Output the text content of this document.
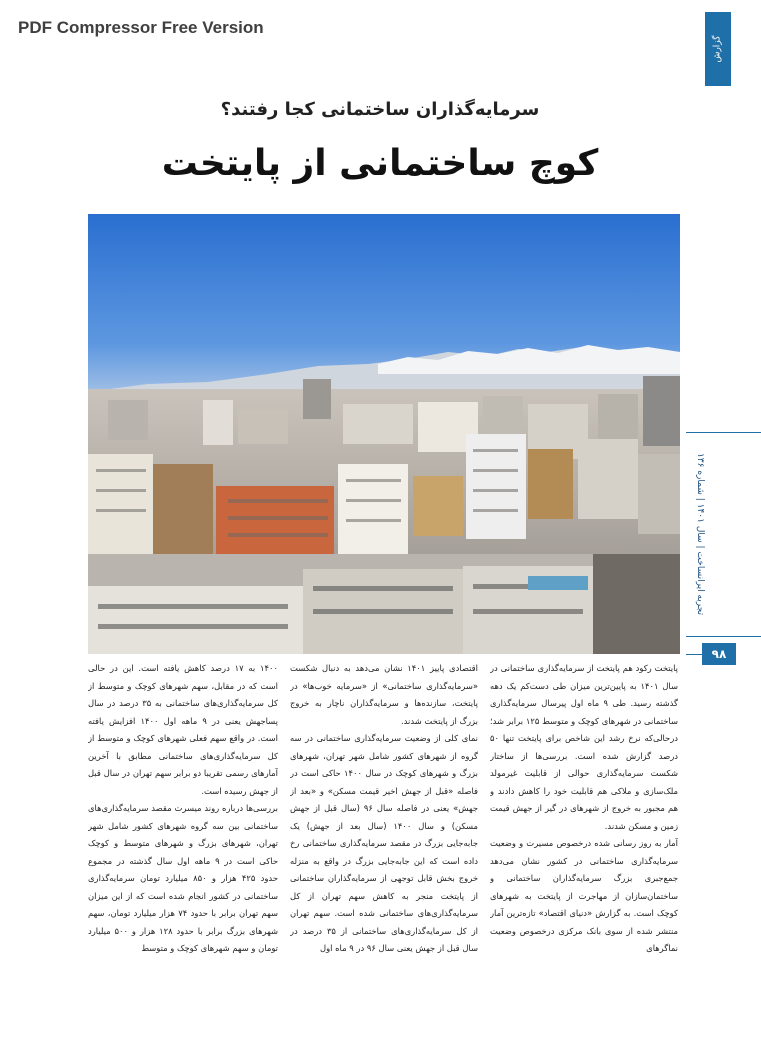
PDF Compressor Free Version
گزارش
سرمایه‌گذاران ساختمانی کجا رفتند؟
کوچ ساختمانی از پایتخت
تجربه ایرانساخت | سال ۱۴۰۱ | شماره ۱۳۶
۹۸

پایتخت رکود هم پایتخت از سرمایه‌گذاری ساختمانی در سال ۱۴۰۱ به پایین‌ترین میزان طی دست‌کم یک دهه گذشته رسید. طی ۹ ماه اول پیرسال سرمایه‌گذاری ساختمانی در شهرهای کوچک و متوسط ۱۲۵ برابر شد؛ درحالی‌که نرخ رشد این شاخص برای پایتخت تنها ۵۰ درصد گزارش شده است. بررسی‌ها از ساختار شکست سرمایه‌گذاری حوالی از قابلیت غیرمولد ملک‌سازی و ملاکی هم قابلیت خود را کاهش دادند و هم مجبور به خروج از شهرهای در گیر از جهش قیمت زمین و مسکن شدند.

آمار به روز رسانی شده درخصوص مسیرت و وضعیت سرمایه‌گذاری ساختمانی در کشور نشان می‌دهد جمع‌جبری بزرگ سرمایه‌گذاران ساختمانی و ساختمان‌سازان از مهاجرت از پایتخت به شهرهای کوچک است. به گزارش «دنیای اقتصاد» تازه‌ترین آمار منتشر شده از سوی بانک مرکزی درخصوص وضعیت نماگرهای

اقتصادی پاییز ۱۴۰۱ نشان می‌دهد به دنبال شکست «سرمایه‌گذاری ساختمانی» از «سرمایه خوب‌ها» در پایتخت، سازنده‌ها و سرمایه‌گذاران ناچار به خروج بزرگ از پایتخت شدند.

نمای کلی از وضعیت سرمایه‌گذاری ساختمانی در سه گروه از شهرهای کشور شامل شهر تهران، شهرهای بزرگ و شهرهای کوچک در سال ۱۴۰۰ حاکی است در فاصله «قبل از جهش اخیر قیمت مسکن» و «بعد از جهش» یعنی در فاصله سال ۹۶ (سال قبل از جهش مسکن) و سال ۱۴۰۰ (سال بعد از جهش) یک جابه‌جایی بزرگ در مقصد سرمایه‌گذاری ساختمانی رخ داده است که این جابه‌جایی بزرگ در واقع به منزله خروج بخش قابل توجهی از سرمایه‌گذاران ساختمانی از پایتخت منجر به کاهش سهم تهران از کل سرمایه‌گذاری‌های ساختمانی شده است. سهم تهران از کل سرمایه‌گذاری‌های ساختمانی از ۳۵ درصد در سال قبل از جهش یعنی سال ۹۶ در ۹ ماه اول

۱۴۰۰ به ۱۷ درصد کاهش یافته است. این در حالی است که در مقابل، سهم شهرهای کوچک و متوسط از کل سرمایه‌گذاری‌های ساختمانی به ۳۵ درصد در سال پساجهش یعنی در ۹ ماهه اول ۱۴۰۰ افزایش یافته است. در واقع سهم فعلی شهرهای کوچک و متوسط از کل سرمایه‌گذاری‌های ساختمانی مطابق با آخرین آمارهای رسمی تقریبا دو برابر سهم تهران در سال قبل از جهش رسیده است.

بررسی‌ها درباره روند میسرت مقصد سرمایه‌گذاری‌های ساختمانی بین سه گروه شهرهای کشور شامل شهر تهران، شهرهای بزرگ و شهرهای متوسط و کوچک حاکی است در ۹ ماهه اول سال گذشته در مجموع حدود ۴۲۵ هزار و ۸۵۰ میلیارد تومان سرمایه‌گذاری ساختمانی در کشور انجام شده است که از این میزان سهم تهران برابر با حدود ۷۴ هزار میلیارد تومان، سهم شهرهای بزرگ برابر با حدود ۱۲۸ هزار و ۵۰۰ میلیارد تومان و سهم شهرهای کوچک و متوسط
